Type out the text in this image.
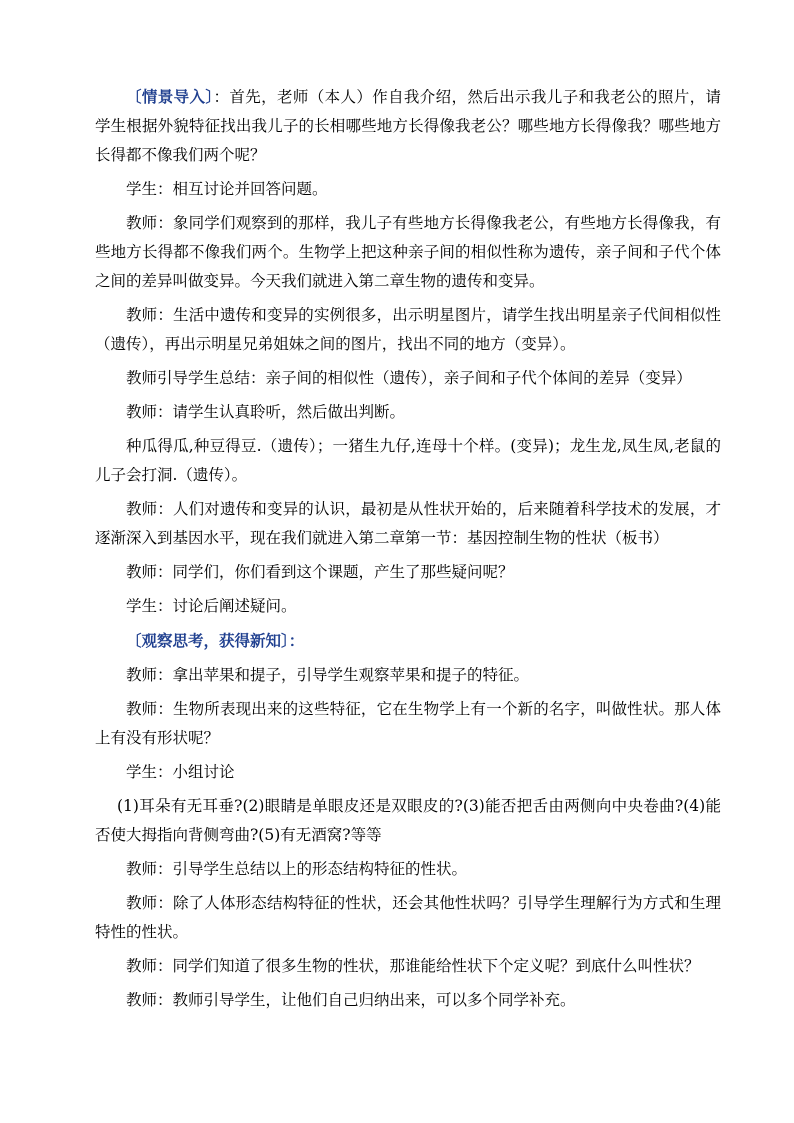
〔情景导入〕：首先，老师（本人）作自我介绍，然后出示我儿子和我老公的照片，请学生根据外貌特征找出我儿子的长相哪些地方长得像我老公？哪些地方长得像我？哪些地方长得都不像我们两个呢？

学生：相互讨论并回答问题。

教师：象同学们观察到的那样，我儿子有些地方长得像我老公，有些地方长得像我，有些地方长得都不像我们两个。生物学上把这种亲子间的相似性称为遗传，亲子间和子代个体之间的差异叫做变异。今天我们就进入第二章生物的遗传和变异。

教师：生活中遗传和变异的实例很多，出示明星图片，请学生找出明星亲子代间相似性（遗传），再出示明星兄弟姐妹之间的图片，找出不同的地方（变异）。

教师引导学生总结：亲子间的相似性（遗传），亲子间和子代个体间的差异（变异）

教师：请学生认真聆听，然后做出判断。

种瓜得瓜,种豆得豆.（遗传）；一猪生九仔,连母十个样。(变异)；龙生龙,凤生凤,老鼠的儿子会打洞.（遗传）。

教师：人们对遗传和变异的认识，最初是从性状开始的，后来随着科学技术的发展，才逐渐深入到基因水平，现在我们就进入第二章第一节：基因控制生物的性状（板书）

教师：同学们，你们看到这个课题，产生了那些疑问呢？

学生：讨论后阐述疑问。

〔观察思考，获得新知〕：

教师：拿出苹果和提子，引导学生观察苹果和提子的特征。

教师：生物所表现出来的这些特征，它在生物学上有一个新的名字，叫做性状。那人体上有没有形状呢？

学生：小组讨论

(1)耳朵有无耳垂?(2)眼睛是单眼皮还是双眼皮的?(3)能否把舌由两侧向中央卷曲?(4)能否使大拇指向背侧弯曲?(5)有无酒窝?等等

教师：引导学生总结以上的形态结构特征的性状。

教师：除了人体形态结构特征的性状，还会其他性状吗？引导学生理解行为方式和生理特性的性状。

教师：同学们知道了很多生物的性状，那谁能给性状下个定义呢？到底什么叫性状？

教师：教师引导学生，让他们自己归纳出来，可以多个同学补充。
